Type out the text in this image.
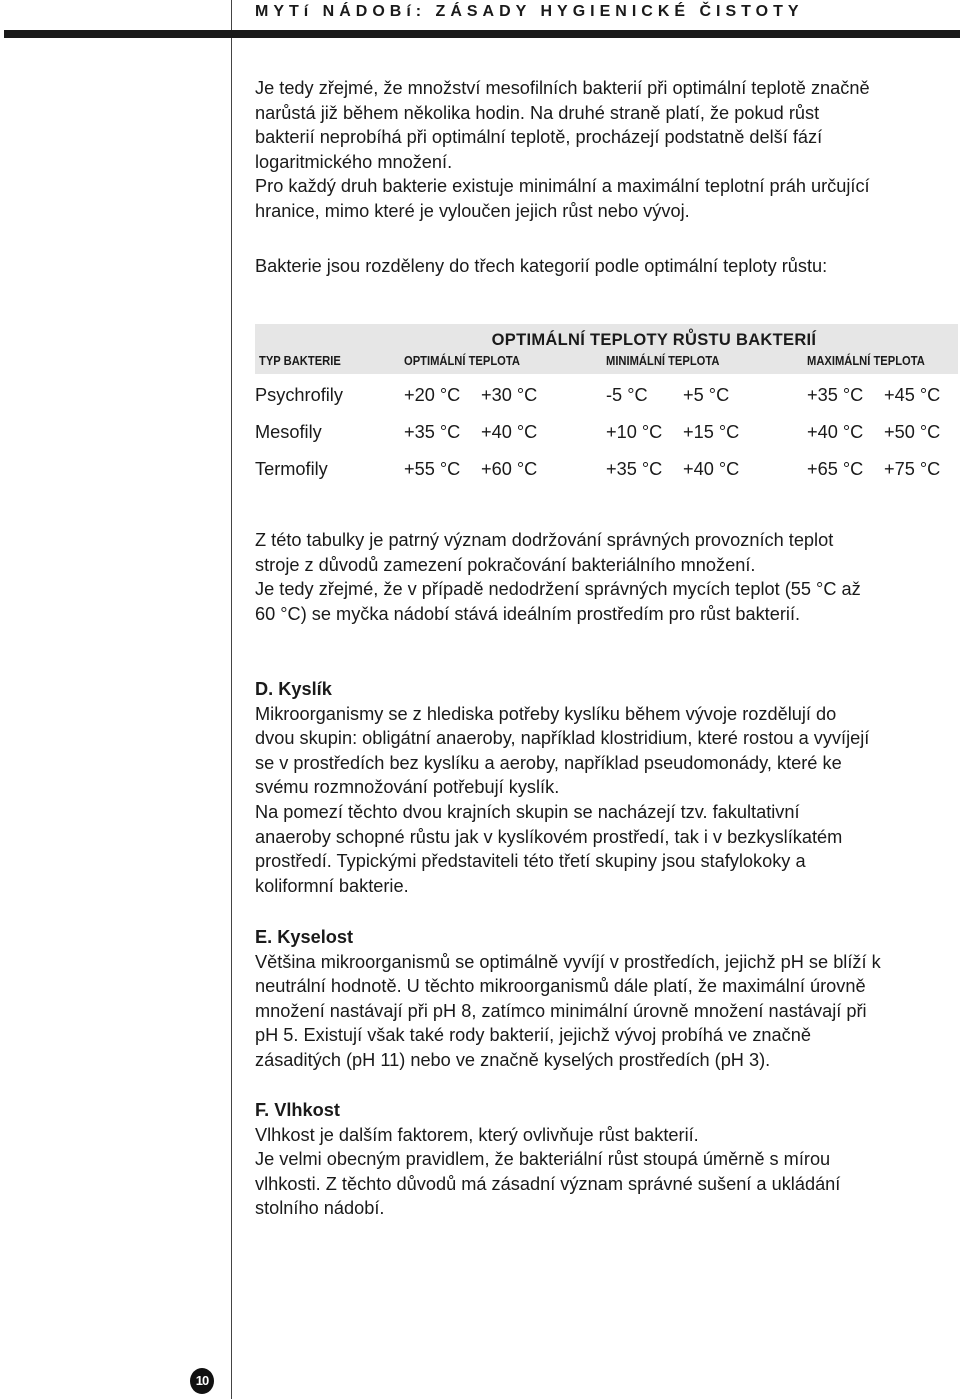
MYTí NÁDOBí: ZÁSADY HYGIENICKÉ ČISTOTY
Je tedy zřejmé, že množství mesofilních bakterií při optimální teplotě značně
narůstá již během několika hodin. Na druhé straně platí, že pokud růst
bakterií neprobíhá při optimální teplotě, procházejí podstatně delší fází
logaritmického množení.
Pro každý druh bakterie existuje minimální a maximální teplotní práh určující
hranice, mimo které je vyloučen jejich růst nebo vývoj.
Bakterie jsou rozděleny do třech kategorií podle optimální teploty růstu:
OPTIMÁLNÍ TEPLOTY RŮSTU BAKTERIÍ
TYP BAKTERIE	OPTIMÁLNÍ TEPLOTA	MINIMÁLNÍ TEPLOTA	MAXIMÁLNÍ TEPLOTA
Psychrofily	+20 °C +30 °C	-5 °C +5 °C	+35 °C +45 °C
Mesofily	+35 °C +40 °C	+10 °C +15 °C	+40 °C +50 °C
Termofily	+55 °C +60 °C	+35 °C +40 °C	+65 °C +75 °C
Z této tabulky je patrný význam dodržování správných provozních teplot
stroje z důvodů zamezení pokračování bakteriálního množení.
Je tedy zřejmé, že v případě nedodržení správných mycích teplot (55 °C až
60 °C) se myčka nádobí stává ideálním prostředím pro růst bakterií.
D. Kyslík
Mikroorganismy se z hlediska potřeby kyslíku během vývoje rozdělují do
dvou skupin: obligátní anaeroby, například klostridium, které rostou a vyvíjejí
se v prostředích bez kyslíku a aeroby, například pseudomonády, které ke
svému rozmnožování potřebují kyslík.
Na pomezí těchto dvou krajních skupin se nacházejí tzv. fakultativní
anaeroby schopné růstu jak v kyslíkovém prostředí, tak i v bezkyslíkatém
prostředí. Typickými představiteli této třetí skupiny jsou stafylokoky a
koliformní bakterie.
E. Kyselost
Většina mikroorganismů se optimálně vyvíjí v prostředích, jejichž pH se blíží k
neutrální hodnotě. U těchto mikroorganismů dále platí, že maximální úrovně
množení nastávají při pH 8, zatímco minimální úrovně množení nastávají při
pH 5. Existují však také rody bakterií, jejichž vývoj probíhá ve značně
zásaditých (pH 11) nebo ve značně kyselých prostředích (pH 3).
F. Vlhkost
Vlhkost je dalším faktorem, který ovlivňuje růst bakterií.
Je velmi obecným pravidlem, že bakteriální růst stoupá úměrně s mírou
vlhkosti. Z těchto důvodů má zásadní význam správné sušení a ukládání
stolního nádobí.
10
